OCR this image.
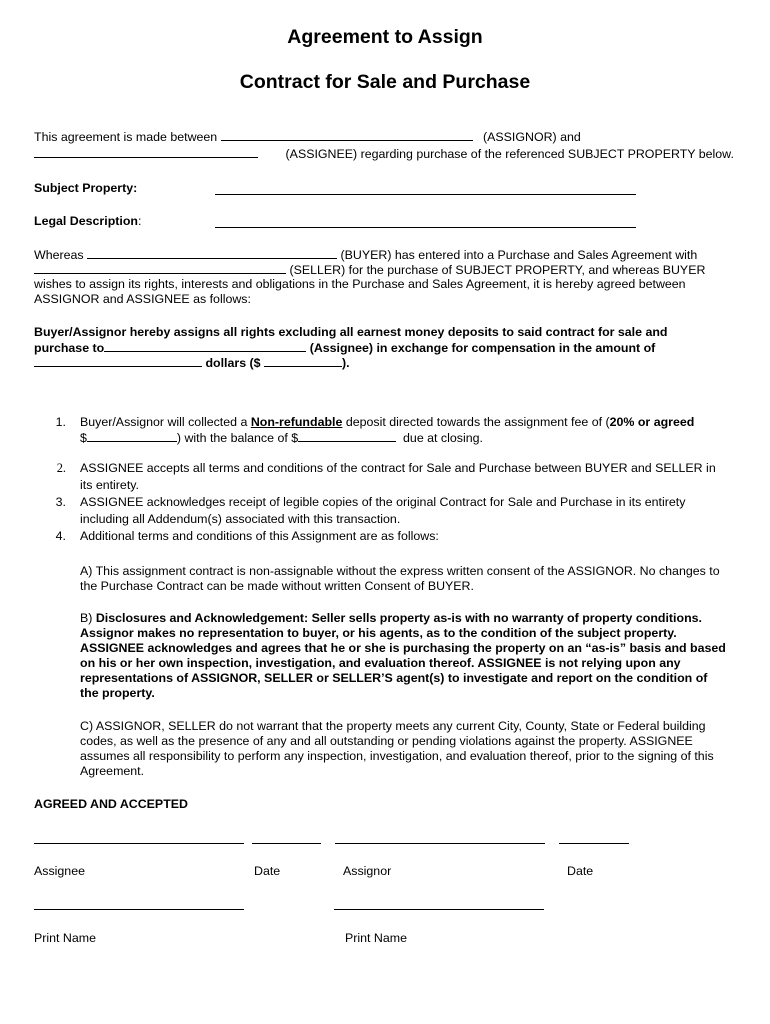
Agreement to Assign
Contract for Sale and Purchase
This agreement is made between	(ASSIGNOR) and
(ASSIGNEE) regarding purchase of the referenced SUBJECT PROPERTY below.
Subject Property:
Legal Description:
Whereas	(BUYER) has entered into a Purchase and Sales Agreement with
(SELLER) for the purchase of SUBJECT PROPERTY, and whereas BUYER
wishes to assign its rights, interests and obligations in the Purchase and Sales Agreement, it is hereby agreed between
ASSIGNOR and ASSIGNEE as follows:
Buyer/Assignor hereby assigns all rights excluding all earnest money deposits to said contract for sale and
purchase to	(Assignee) in exchange for compensation in the amount of
dollars ($	).
1. Buyer/Assignor will collected a Non-refundable deposit directed towards the assignment fee of (20% or agreed
$	) with the balance of $	due at closing.
2. ASSIGNEE accepts all terms and conditions of the contract for Sale and Purchase between BUYER and SELLER in
its entirety.
3. ASSIGNEE acknowledges receipt of legible copies of the original Contract for Sale and Purchase in its entirety
including all Addendum(s) associated with this transaction.
4. Additional terms and conditions of this Assignment are as follows:
A) This assignment contract is non-assignable without the express written consent of the ASSIGNOR. No changes to
the Purchase Contract can be made without written Consent of BUYER.
B) Disclosures and Acknowledgement: Seller sells property as-is with no warranty of property conditions.
Assignor makes no representation to buyer, or his agents, as to the condition of the subject property.
ASSIGNEE acknowledges and agrees that he or she is purchasing the property on an “as-is” basis and based
on his or her own inspection, investigation, and evaluation thereof. ASSIGNEE is not relying upon any
representations of ASSIGNOR, SELLER or SELLER’S agent(s) to investigate and report on the condition of
the property.
C) ASSIGNOR, SELLER do not warrant that the property meets any current City, County, State or Federal building
codes, as well as the presence of any and all outstanding or pending violations against the property. ASSIGNEE
assumes all responsibility to perform any inspection, investigation, and evaluation thereof, prior to the signing of this
Agreement.
AGREED AND ACCEPTED
Assignee	Date	Assignor	Date
Print Name	Print Name
